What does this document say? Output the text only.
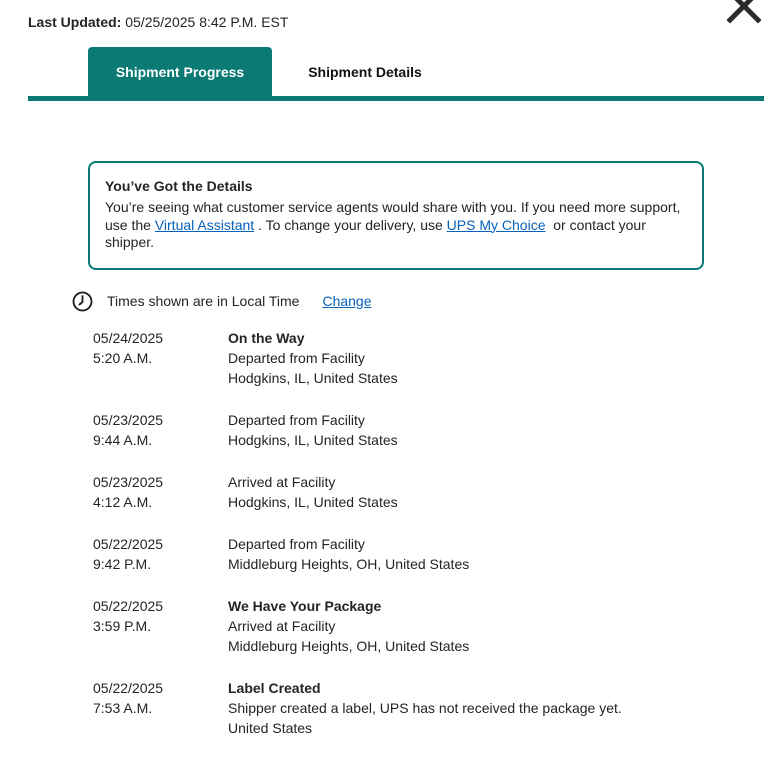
Last Updated: 05/25/2025 8:42 P.M. EST
Shipment Progress	Shipment Details
You’ve Got the Details
You’re seeing what customer service agents would share with you. If you need more support, use the Virtual Assistant . To change your delivery, use UPS My Choice or contact your shipper.
Times shown are in Local Time Change
05/24/2025
5:20 A.M.
On the Way
Departed from Facility
Hodgkins, IL, United States
05/23/2025
9:44 A.M.
Departed from Facility
Hodgkins, IL, United States
05/23/2025
4:12 A.M.
Arrived at Facility
Hodgkins, IL, United States
05/22/2025
9:42 P.M.
Departed from Facility
Middleburg Heights, OH, United States
05/22/2025
3:59 P.M.
We Have Your Package
Arrived at Facility
Middleburg Heights, OH, United States
05/22/2025
7:53 A.M.
Label Created
Shipper created a label, UPS has not received the package yet.
United States
